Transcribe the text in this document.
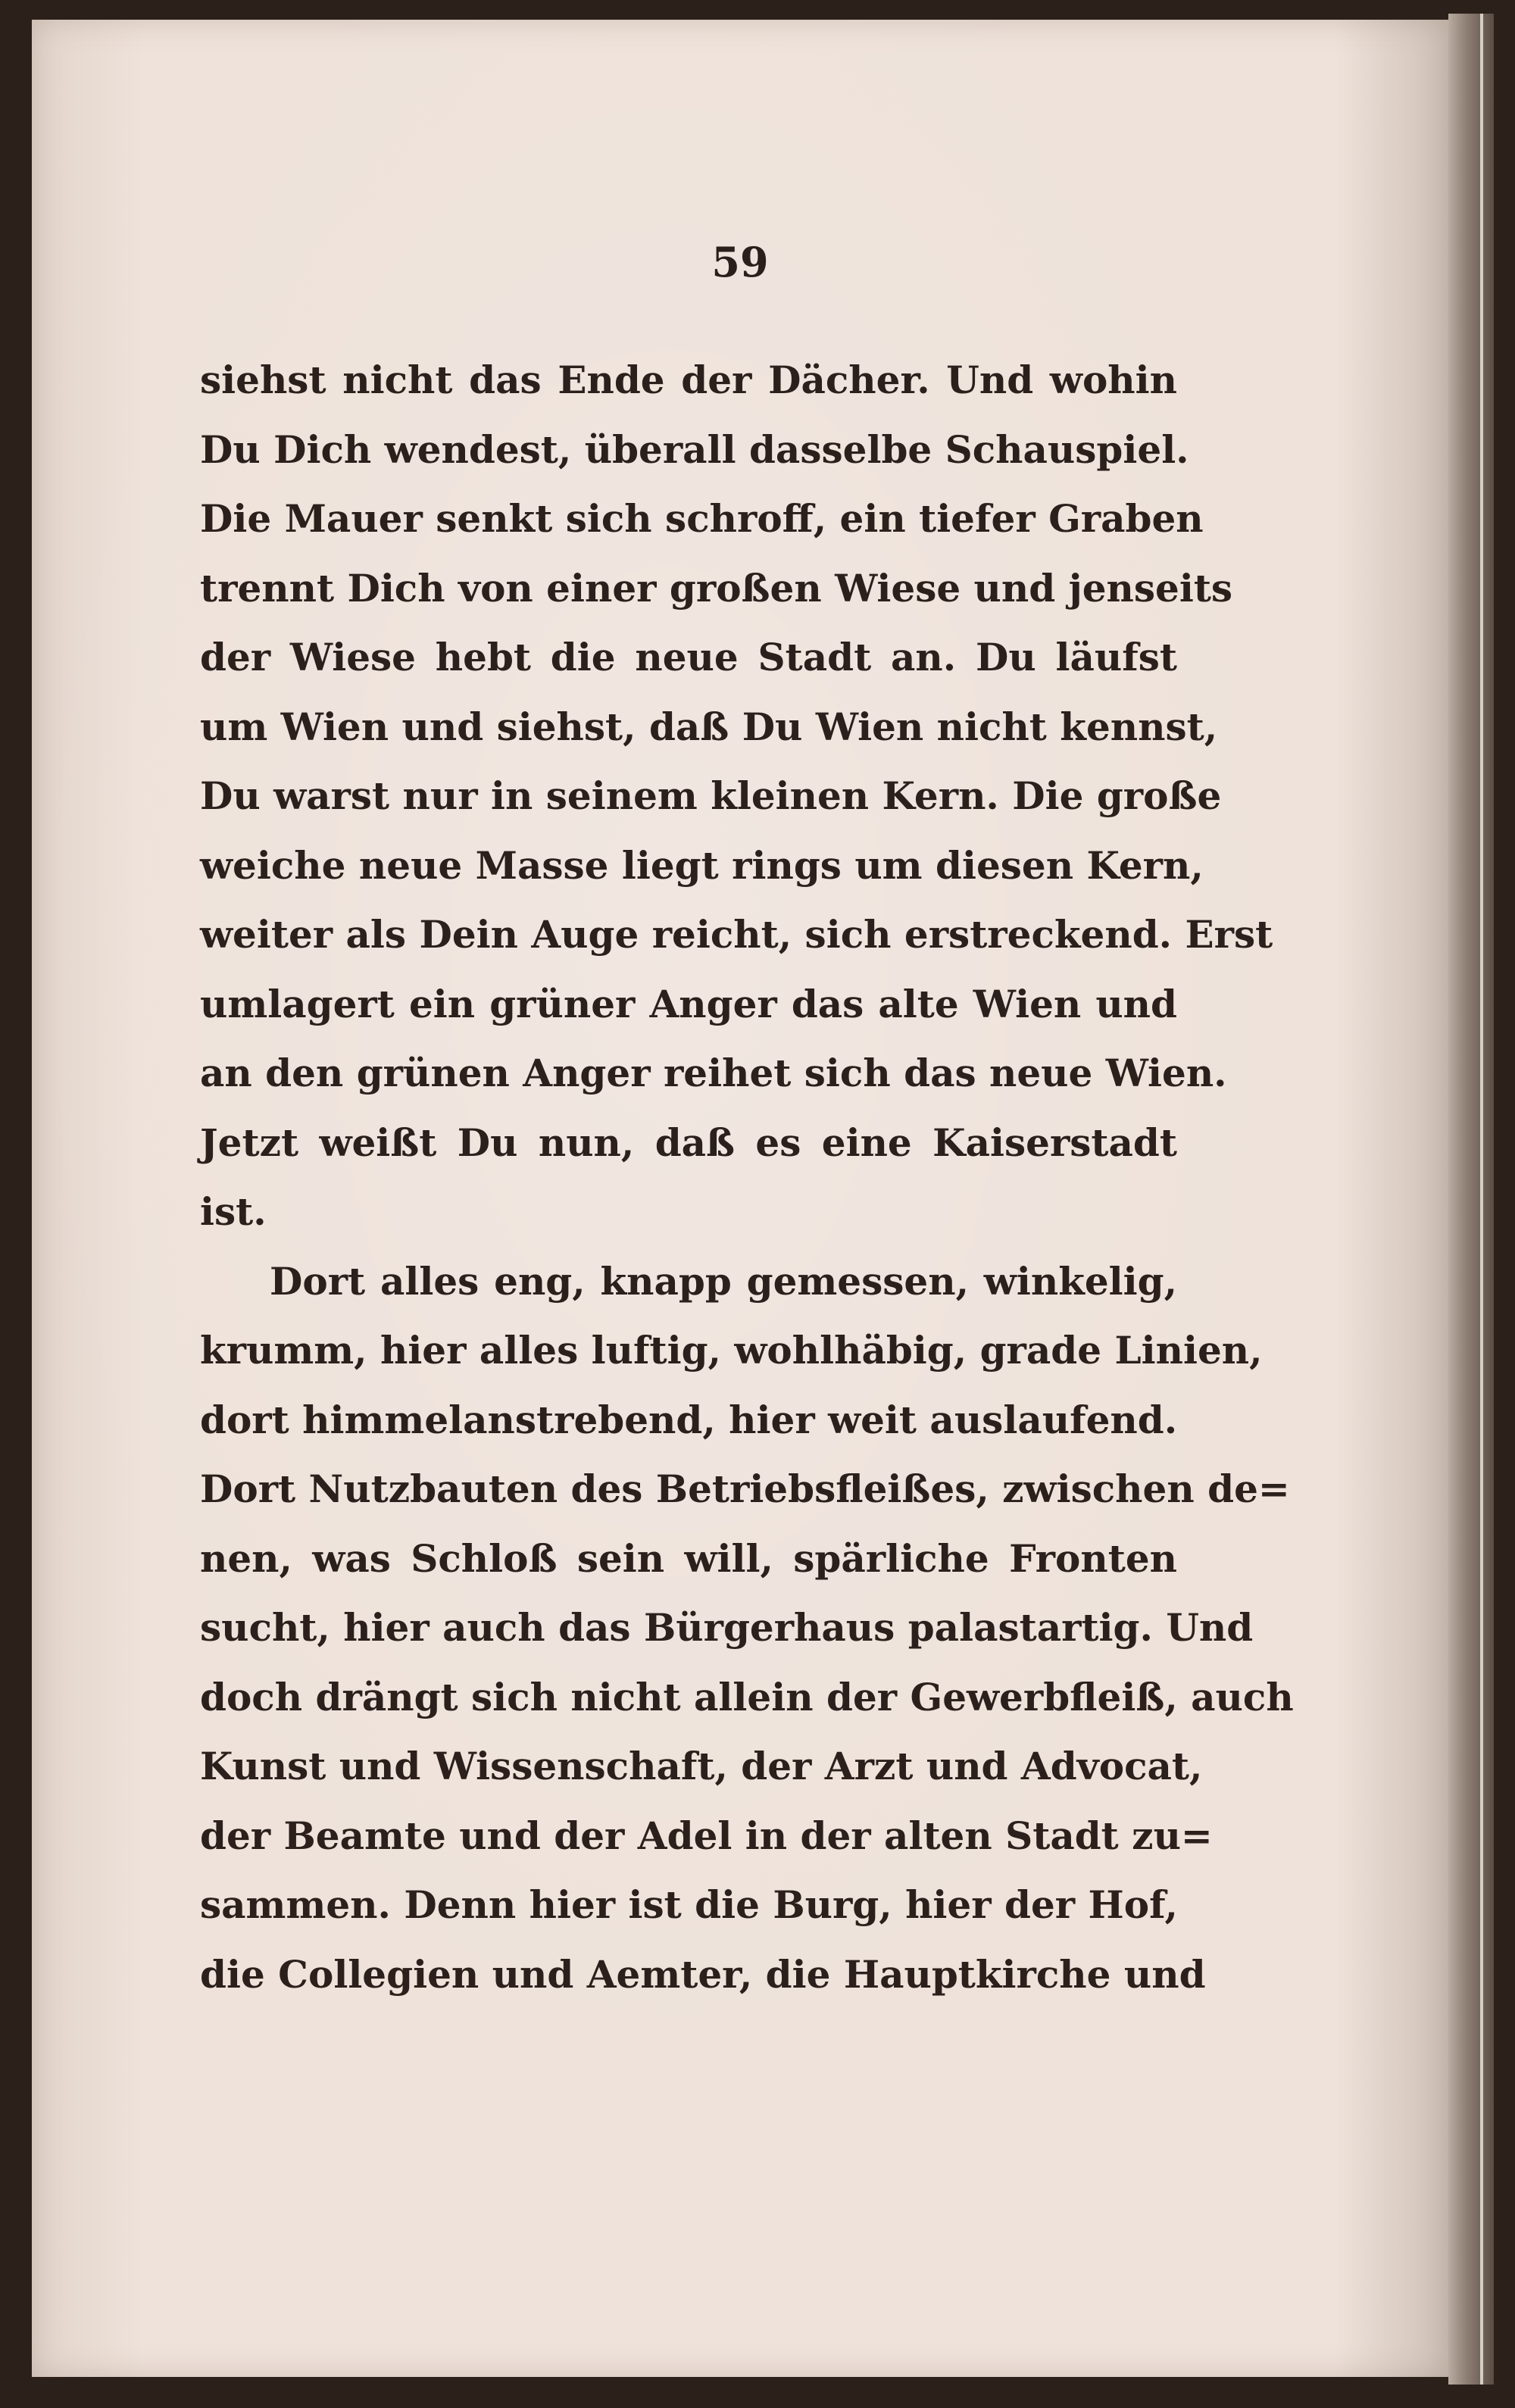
59
siehst nicht das Ende der Dächer. Und wohin
Du Dich wendest, überall dasselbe Schauspiel.
Die Mauer senkt sich schroff, ein tiefer Graben
trennt Dich von einer großen Wiese und jenseits
der Wiese hebt die neue Stadt an. Du läufst
um Wien und siehst, daß Du Wien nicht kennst,
Du warst nur in seinem kleinen Kern. Die große
weiche neue Masse liegt rings um diesen Kern,
weiter als Dein Auge reicht, sich erstreckend. Erst
umlagert ein grüner Anger das alte Wien und
an den grünen Anger reihet sich das neue Wien.
Jetzt weißt Du nun, daß es eine Kaiserstadt
ist.
Dort alles eng, knapp gemessen, winkelig,
krumm, hier alles luftig, wohlhäbig, grade Linien,
dort himmelanstrebend, hier weit auslaufend.
Dort Nutzbauten des Betriebsfleißes, zwischen de=
nen, was Schloß sein will, spärliche Fronten
sucht, hier auch das Bürgerhaus palastartig. Und
doch drängt sich nicht allein der Gewerbfleiß, auch
Kunst und Wissenschaft, der Arzt und Advocat,
der Beamte und der Adel in der alten Stadt zu=
sammen. Denn hier ist die Burg, hier der Hof,
die Collegien und Aemter, die Hauptkirche und
